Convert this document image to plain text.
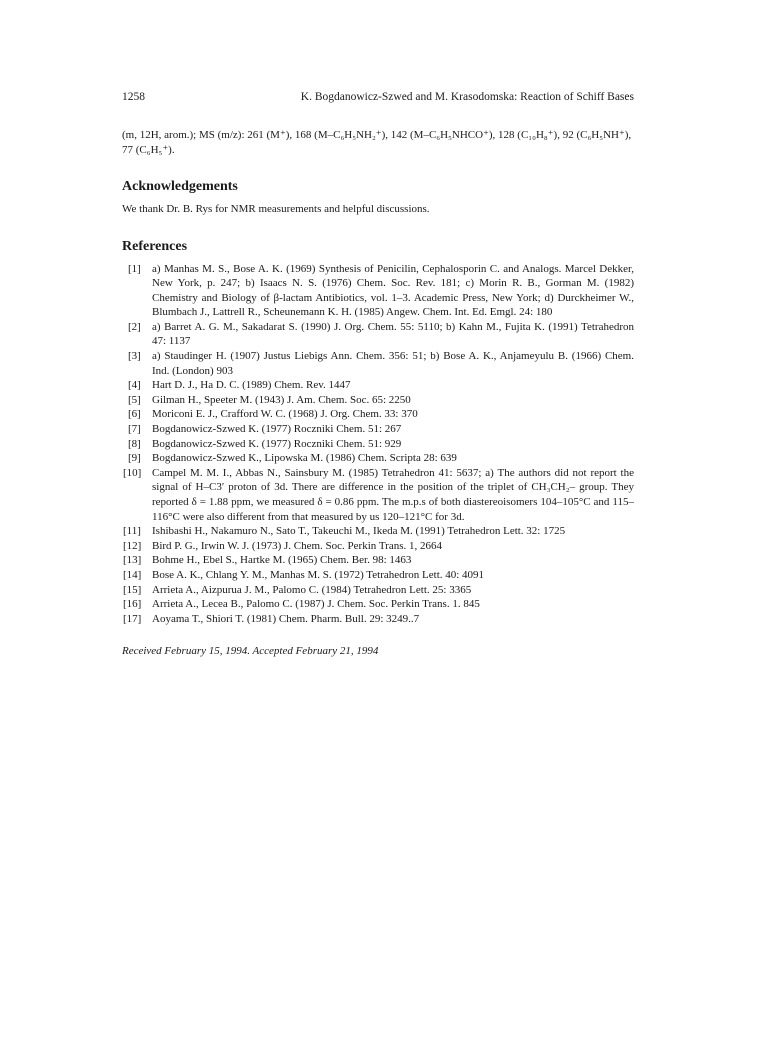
1258	K. Bogdanowicz-Szwed and M. Krasodomska: Reaction of Schiff Bases

(m, 12H, arom.); MS (m/z): 261 (M⁺), 168 (M–C₆H₅NH₂⁺), 142 (M–C₆H₅NHCO⁺), 128 (C₁₀H₈⁺), 92 (C₆H₅NH⁺), 77 (C₆H₅⁺).

Acknowledgements

We thank Dr. B. Rys for NMR measurements and helpful discussions.

References
[1] a) Manhas M. S., Bose A. K. (1969) Synthesis of Penicilin, Cephalosporin C. and Analogs. Marcel Dekker, New York, p. 247; b) Isaacs N. S. (1976) Chem. Soc. Rev. 181; c) Morin R. B., Gorman M. (1982) Chemistry and Biology of β-lactam Antibiotics, vol. 1–3. Academic Press, New York; d) Durckheimer W., Blumbach J., Lattrell R., Scheunemann K. H. (1985) Angew. Chem. Int. Ed. Emgl. 24: 180
[2] a) Barret A. G. M., Sakadarat S. (1990) J. Org. Chem. 55: 5110; b) Kahn M., Fujita K. (1991) Tetrahedron 47: 1137
[3] a) Staudinger H. (1907) Justus Liebigs Ann. Chem. 356: 51; b) Bose A. K., Anjameyulu B. (1966) Chem. Ind. (London) 903
[4] Hart D. J., Ha D. C. (1989) Chem. Rev. 1447
[5] Gilman H., Speeter M. (1943) J. Am. Chem. Soc. 65: 2250
[6] Moriconi E. J., Crafford W. C. (1968) J. Org. Chem. 33: 370
[7] Bogdanowicz-Szwed K. (1977) Roczniki Chem. 51: 267
[8] Bogdanowicz-Szwed K. (1977) Roczniki Chem. 51: 929
[9] Bogdanowicz-Szwed K., Lipowska M. (1986) Chem. Scripta 28: 639
[10] Campel M. M. I., Abbas N., Sainsbury M. (1985) Tetrahedron 41: 5637; a) The authors did not report the signal of H–C3′ proton of 3d. There are difference in the position of the triplet of CH₃CH₂– group. They reported δ = 1.88 ppm, we measured δ = 0.86 ppm. The m.p.s of both diastereoisomers 104–105°C and 115–116°C were also different from that measured by us 120–121°C for 3d.
[11] Ishibashi H., Nakamuro N., Sato T., Takeuchi M., Ikeda M. (1991) Tetrahedron Lett. 32: 1725
[12] Bird P. G., Irwin W. J. (1973) J. Chem. Soc. Perkin Trans. 1, 2664
[13] Bohme H., Ebel S., Hartke M. (1965) Chem. Ber. 98: 1463
[14] Bose A. K., Chlang Y. M., Manhas M. S. (1972) Tetrahedron Lett. 40: 4091
[15] Arrieta A., Aizpurua J. M., Palomo C. (1984) Tetrahedron Lett. 25: 3365
[16] Arrieta A., Lecea B., Palomo C. (1987) J. Chem. Soc. Perkin Trans. 1. 845
[17] Aoyama T., Shiori T. (1981) Chem. Pharm. Bull. 29: 3249..7

Received February 15, 1994. Accepted February 21, 1994
